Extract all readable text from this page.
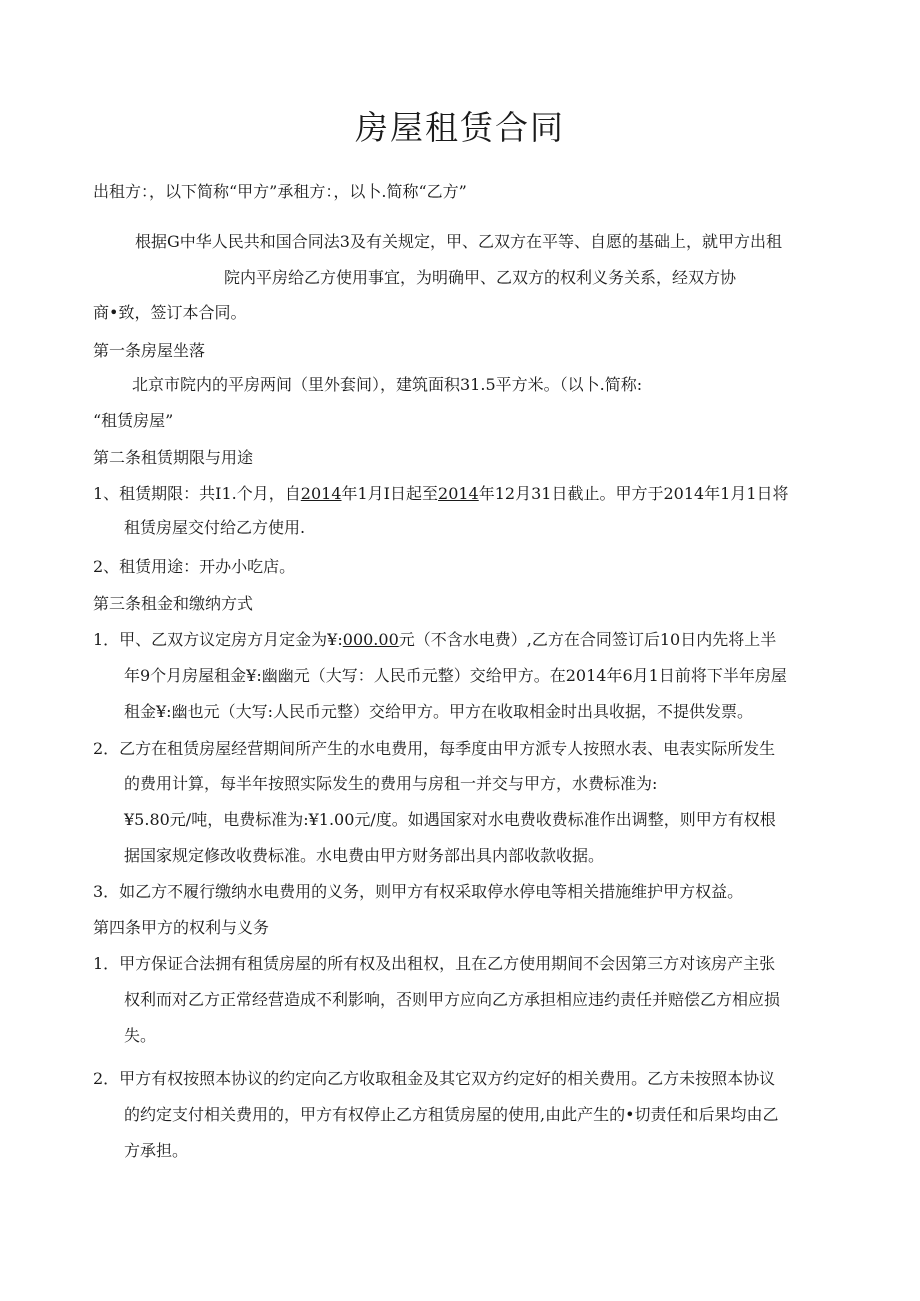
房屋租赁合同
出租方：，以下简称“甲方”承租方：，以卜.简称“乙方”
根据G中华人民共和国合同法3及有关规定，甲、乙双方在平等、自愿的基础上，就甲方出租
院内平房给乙方使用事宜，为明确甲、乙双方的权利义务关系，经双方协
商•致，签订本合同。
第一条房屋坐落
北京市院内的平房两间（里外套间），建筑面积31.5平方米。（以卜.简称:
“租赁房屋”
第二条租赁期限与用途
1、租赁期限：共I1.个月，自2014年1月I日起至2014年12月31日截止。甲方于2014年1月1日将
租赁房屋交付给乙方使用.
2、租赁用途：开办小吃店。
第三条租金和缴纳方式
1．甲、乙双方议定房方月定金为¥:000.00元（不含水电费）,乙方在合同签订后10日内先将上半
年9个月房屋租金¥:幽幽元（大写：人民币元整）交给甲方。在2014年6月1日前将下半年房屋
租金¥:幽也元（大写:人民币元整）交给甲方。甲方在收取相金时出具收据，不提供发票。
2．乙方在租赁房屋经营期间所产生的水电费用，每季度由甲方派专人按照水表、电表实际所发生
的费用计算，每半年按照实际发生的费用与房租一并交与甲方，水费标准为:
¥5.80元/吨，电费标准为:¥1.00元/度。如遇国家对水电费收费标准作出调整，则甲方有权根
据国家规定修改收费标准。水电费由甲方财务部出具内部收款收据。
3．如乙方不履行缴纳水电费用的义务，则甲方有权采取停水停电等相关措施维护甲方权益。
第四条甲方的权利与义务
1．甲方保证合法拥有租赁房屋的所有权及出租权，且在乙方使用期间不会因第三方对该房产主张
权利而对乙方正常经营造成不利影响，否则甲方应向乙方承担相应违约责任并赔偿乙方相应损
失。
2．甲方有权按照本协议的约定向乙方收取租金及其它双方约定好的相关费用。乙方未按照本协议
的约定支付相关费用的，甲方有权停止乙方租赁房屋的使用,由此产生的•切责任和后果均由乙
方承担。
